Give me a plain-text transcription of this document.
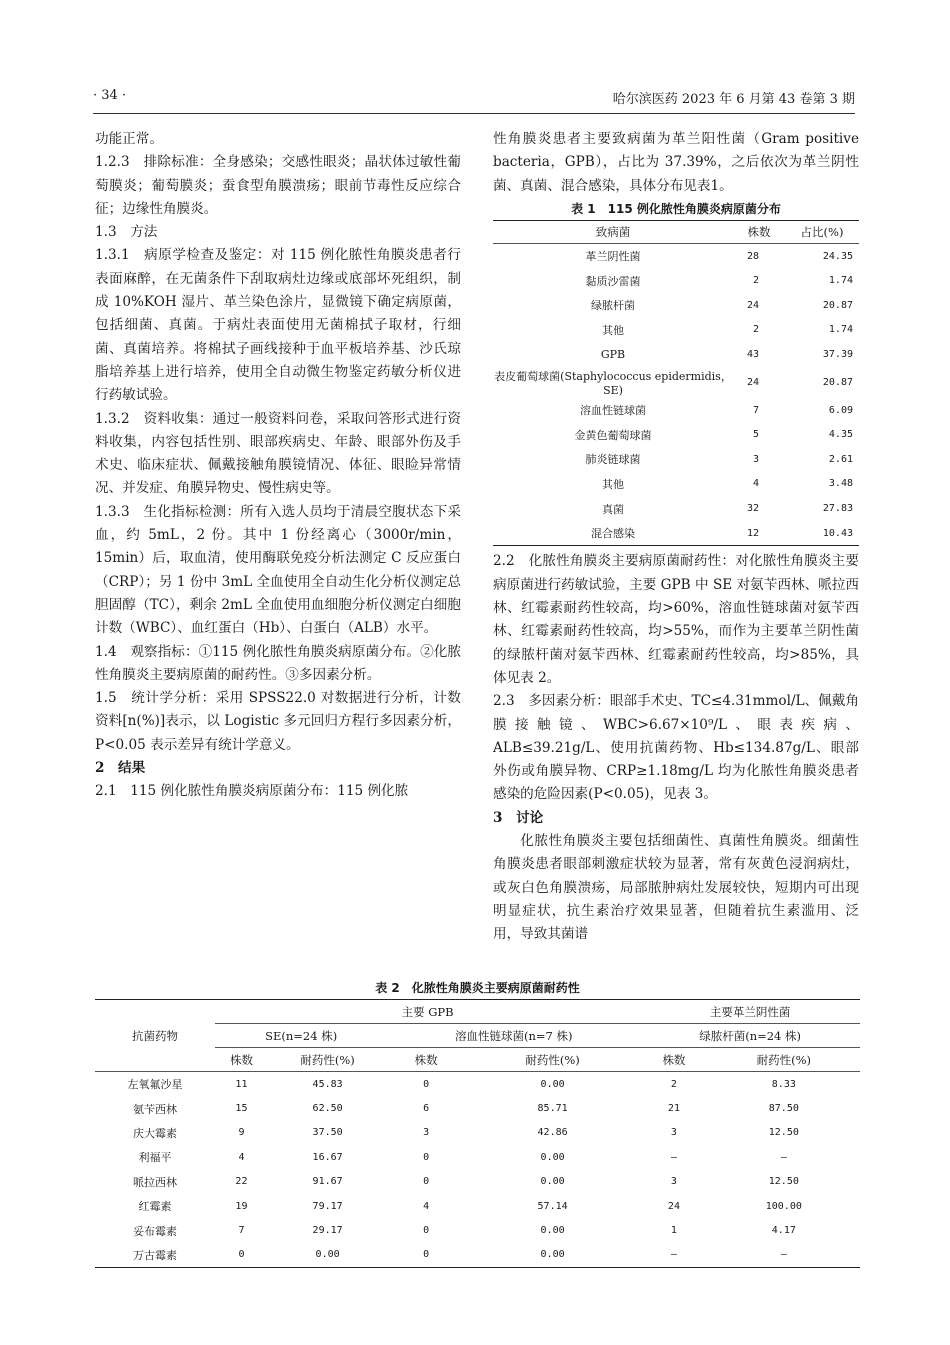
· 34 ·	哈尔滨医药 2023 年 6 月第 43 卷第 3 期

功能正常。

1.2.3　排除标准：全身感染；交感性眼炎；晶状体过敏性葡萄膜炎；葡萄膜炎；蚕食型角膜溃疡；眼前节毒性反应综合征；边缘性角膜炎。

1.3　方法

1.3.1　病原学检查及鉴定：对 115 例化脓性角膜炎患者行表面麻醉，在无菌条件下刮取病灶边缘或底部坏死组织，制成 10%KOH 湿片、革兰染色涂片，显微镜下确定病原菌，包括细菌、真菌。于病灶表面使用无菌棉拭子取材，行细菌、真菌培养。将棉拭子画线接种于血平板培养基、沙氏琼脂培养基上进行培养，使用全自动微生物鉴定药敏分析仪进行药敏试验。

1.3.2　资料收集：通过一般资料问卷，采取问答形式进行资料收集，内容包括性别、眼部疾病史、年龄、眼部外伤及手术史、临床症状、佩戴接触角膜镜情况、体征、眼睑异常情况、并发症、角膜异物史、慢性病史等。

1.3.3　生化指标检测：所有入选人员均于清晨空腹状态下采血，约 5mL，2 份。其中 1 份经离心（3000r/min，15min）后，取血清，使用酶联免疫分析法测定 C 反应蛋白（CRP）；另 1 份中 3mL 全血使用全自动生化分析仪测定总胆固醇（TC），剩余 2mL 全血使用血细胞分析仪测定白细胞计数（WBC）、血红蛋白（Hb）、白蛋白（ALB）水平。

1.4　观察指标：①115 例化脓性角膜炎病原菌分布。②化脓性角膜炎主要病原菌的耐药性。③多因素分析。

1.5　统计学分析：采用 SPSS22.0 对数据进行分析，计数资料[n(%)]表示，以 Logistic 多元回归方程行多因素分析，P<0.05 表示差异有统计学意义。

2　结果

2.1　115 例化脓性角膜炎病原菌分布：115 例化脓

性角膜炎患者主要致病菌为革兰阳性菌（Gram positive bacteria，GPB），占比为 37.39%，之后依次为革兰阴性菌、真菌、混合感染，具体分布见表1。

表 1　115 例化脓性角膜炎病原菌分布
致病菌	株数	占比(%)
革兰阴性菌	28	24.35
黏质沙雷菌	2	1.74
绿脓杆菌	24	20.87
其他	2	1.74
GPB	43	37.39
表皮葡萄球菌(Staphylococcus epidermidis，SE)	24	20.87
溶血性链球菌	7	6.09
金黄色葡萄球菌	5	4.35
肺炎链球菌	3	2.61
其他	4	3.48
真菌	32	27.83
混合感染	12	10.43

2.2　化脓性角膜炎主要病原菌耐药性：对化脓性角膜炎主要病原菌进行药敏试验，主要 GPB 中 SE 对氨苄西林、哌拉西林、红霉素耐药性较高，均>60%，溶血性链球菌对氨苄西林、红霉素耐药性较高，均>55%，而作为主要革兰阴性菌的绿脓杆菌对氨苄西林、红霉素耐药性较高，均>85%，具体见表 2。

2.3　多因素分析：眼部手术史、TC≤4.31mmol/L、佩戴角膜接触镜、WBC>6.67×10⁹/L、眼表疾病、ALB≤39.21g/L、使用抗菌药物、Hb≤134.87g/L、眼部外伤或角膜异物、CRP≥1.18mg/L 均为化脓性角膜炎患者感染的危险因素(P<0.05)，见表 3。

3　讨论

化脓性角膜炎主要包括细菌性、真菌性角膜炎。细菌性角膜炎患者眼部刺激症状较为显著，常有灰黄色浸润病灶，或灰白色角膜溃疡，局部脓肿病灶发展较快，短期内可出现明显症状，抗生素治疗效果显著，但随着抗生素滥用、泛用，导致其菌谱

表 2　化脓性角膜炎主要病原菌耐药性
抗菌药物	主要 GPB				主要革兰阴性菌	
	SE(n=24 株)		溶血性链球菌(n=7 株)		绿脓杆菌(n=24 株)	
	株数	耐药性(%)	株数	耐药性(%)	株数	耐药性(%)
左氧氟沙星	11	45.83	0	0.00	2	8.33
氨苄西林	15	62.50	6	85.71	21	87.50
庆大霉素	9	37.50	3	42.86	3	12.50
利福平	4	16.67	0	0.00	–	–
哌拉西林	22	91.67	0	0.00	3	12.50
红霉素	19	79.17	4	57.14	24	100.00
妥布霉素	7	29.17	0	0.00	1	4.17
万古霉素	0	0.00	0	0.00	–	–
